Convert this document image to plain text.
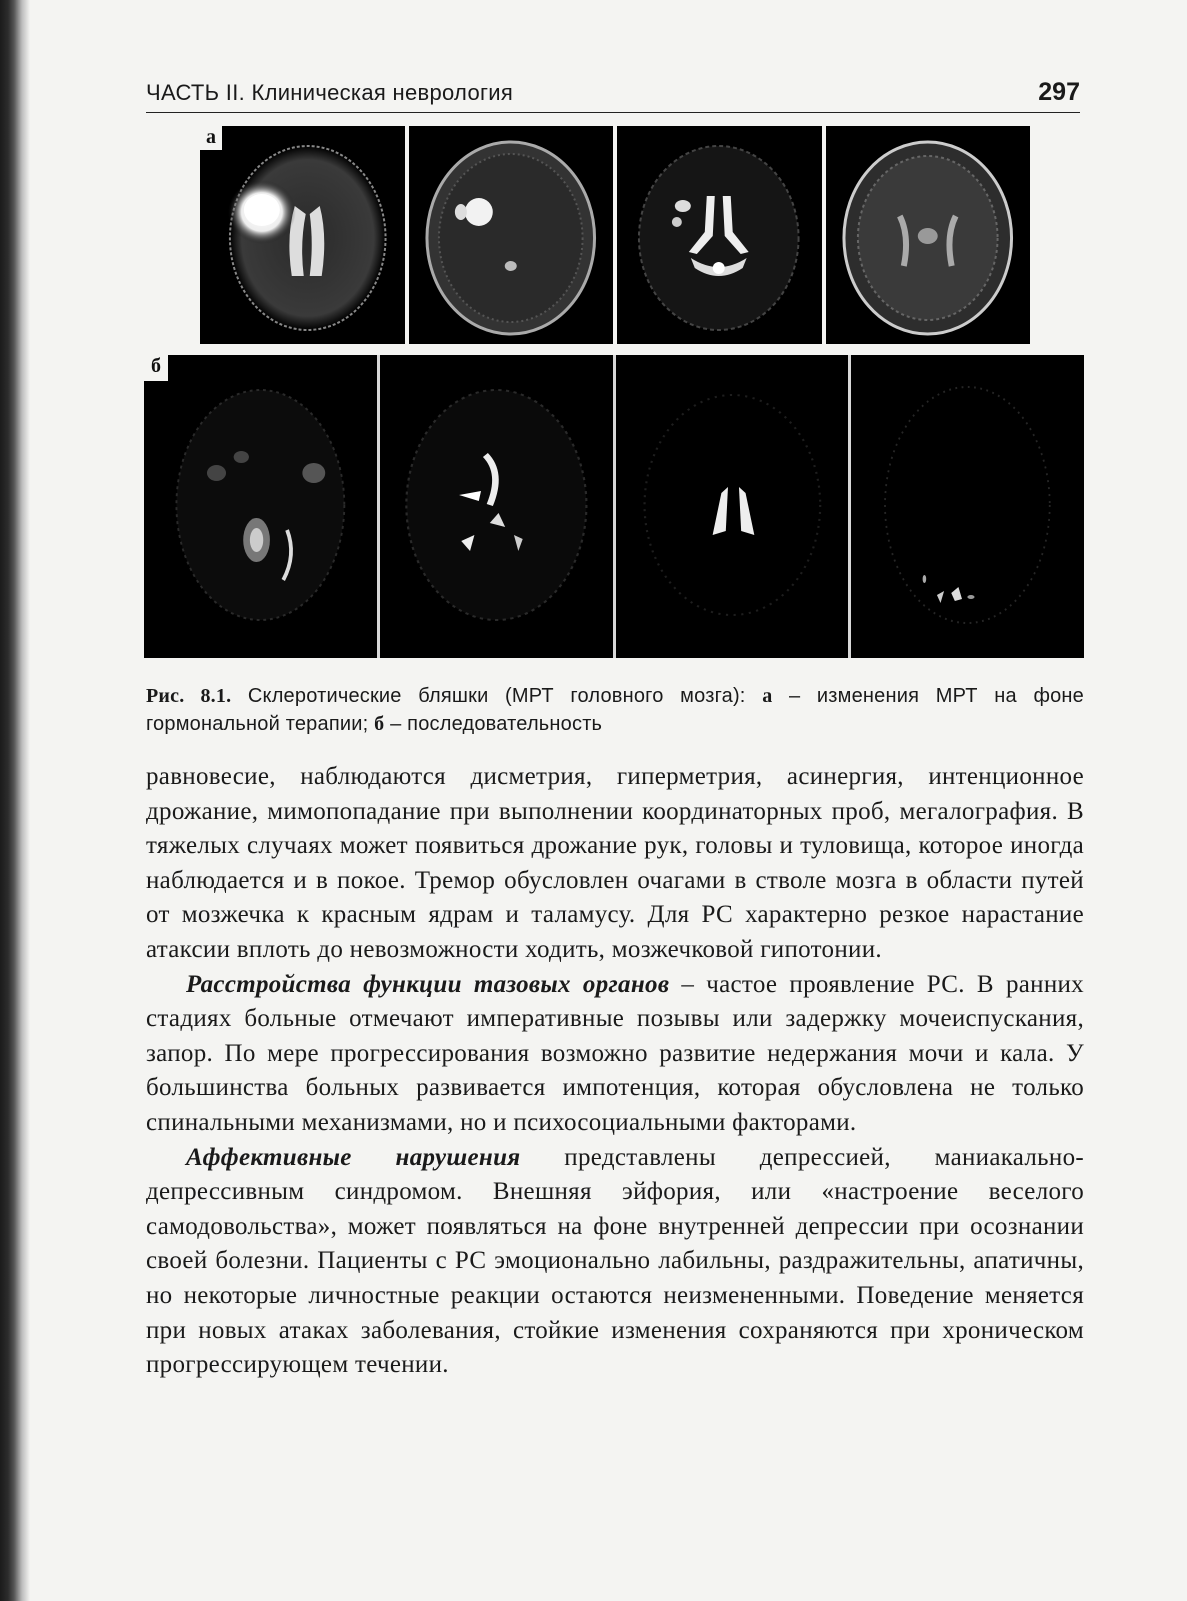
ЧАСТЬ II. Клиническая неврология	297
а
б
Рис. 8.1. Склеротические бляшки (МРТ головного мозга): а – изменения МРТ на фоне гормональной терапии; б – последовательность

равновесие, наблюдаются дисметрия, гиперметрия, асинергия, интенционное дрожание, мимопопадание при выполнении координаторных проб, мегалография. В тяжелых случаях может появиться дрожание рук, головы и туловища, которое иногда наблюдается и в покое. Тремор обусловлен очагами в стволе мозга в области путей от мозжечка к красным ядрам и таламусу. Для РС характерно резкое нарастание атаксии вплоть до невозможности ходить, мозжечковой гипотонии.

Расстройства функции тазовых органов – частое проявление РС. В ранних стадиях больные отмечают императивные позывы или задержку мочеиспускания, запор. По мере прогрессирования возможно развитие недержания мочи и кала. У большинства больных развивается импотенция, которая обусловлена не только спинальными механизмами, но и психосоциальными факторами.

Аффективные нарушения представлены депрессией, маниакально-депрессивным синдромом. Внешняя эйфория, или «настроение веселого самодовольства», может появляться на фоне внутренней депрессии при осознании своей болезни. Пациенты с РС эмоционально лабильны, раздражительны, апатичны, но некоторые личностные реакции остаются неизмененными. Поведение меняется при новых атаках заболевания, стойкие изменения сохраняются при хроническом прогрессирующем течении.
